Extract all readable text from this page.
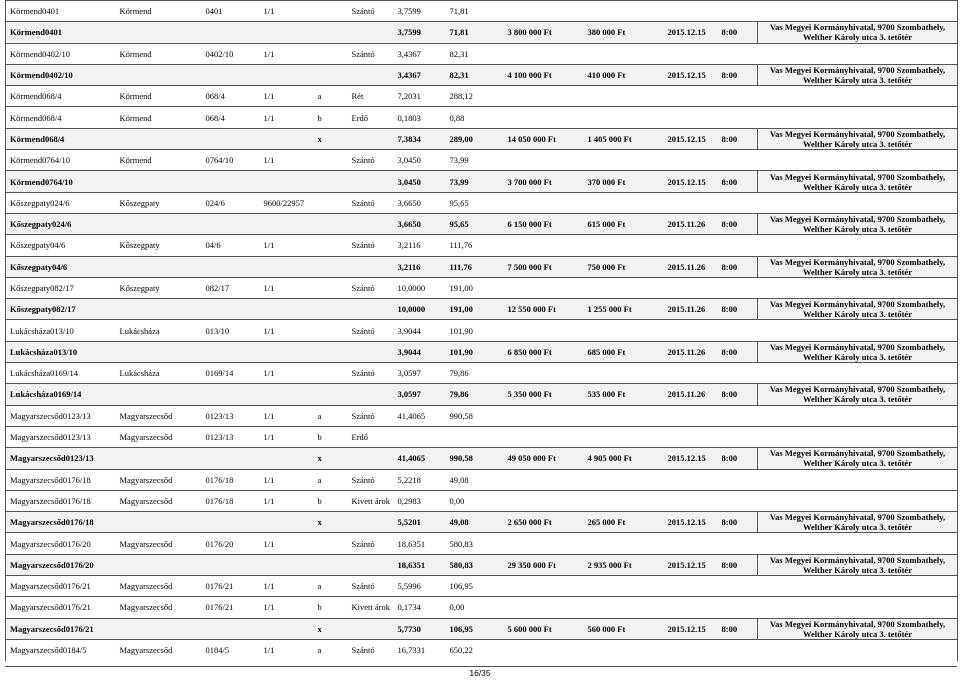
Körmend0401	Körmend	0401	1/1		Szántó	3,7599	71,81					
Körmend0401						3,7599	71,81	3 800 000 Ft	380 000 Ft	2015.12.15	8:00	Vas Megyei Kormányhivatal, 9700 Szombathely,
Welther Károly utca 3. tetőtér

Körmend0402/10	Körmend	0402/10	1/1		Szántó	3,4367	82,31					
Körmend0402/10						3,4367	82,31	4 100 000 Ft	410 000 Ft	2015.12.15	8:00	Vas Megyei Kormányhivatal, 9700 Szombathely,
Welther Károly utca 3. tetőtér

Körmend068/4	Körmend	068/4	1/1	a	Rét	7,2031	288,12					
Körmend068/4	Körmend	068/4	1/1	b	Erdő	0,1803	0,88					
Körmend068/4				x		7,3834	289,00	14 050 000 Ft	1 405 000 Ft	2015.12.15	8:00	Vas Megyei Kormányhivatal, 9700 Szombathely,
Welther Károly utca 3. tetőtér

Körmend0764/10	Körmend	0764/10	1/1		Szántó	3,0450	73,99					
Körmend0764/10						3,0450	73,99	3 700 000 Ft	370 000 Ft	2015.12.15	8:00	Vas Megyei Kormányhivatal, 9700 Szombathely,
Welther Károly utca 3. tetőtér

Kőszegpaty024/6	Kőszegpaty	024/6	9600/22957		Szántó	3,6650	95,65					
Kőszegpaty024/6						3,6650	95,65	6 150 000 Ft	615 000 Ft	2015.11.26	8:00	Vas Megyei Kormányhivatal, 9700 Szombathely,
Welther Károly utca 3. tetőtér

Kőszegpaty04/6	Kőszegpaty	04/6	1/1		Szántó	3,2116	111,76					
Kőszegpaty04/6						3,2116	111,76	7 500 000 Ft	750 000 Ft	2015.11.26	8:00	Vas Megyei Kormányhivatal, 9700 Szombathely,
Welther Károly utca 3. tetőtér

Kőszegpaty082/17	Kőszegpaty	082/17	1/1		Szántó	10,0000	191,00					
Kőszegpaty082/17						10,0000	191,00	12 550 000 Ft	1 255 000 Ft	2015.11.26	8:00	Vas Megyei Kormányhivatal, 9700 Szombathely,
Welther Károly utca 3. tetőtér

Lukácsháza013/10	Lukácsháza	013/10	1/1		Szántó	3,9044	101,90					
Lukácsháza013/10						3,9044	101,90	6 850 000 Ft	685 000 Ft	2015.11.26	8:00	Vas Megyei Kormányhivatal, 9700 Szombathely,
Welther Károly utca 3. tetőtér

Lukácsháza0169/14	Lukácsháza	0169/14	1/1		Szántó	3,0597	79,86					
Lukácsháza0169/14						3,0597	79,86	5 350 000 Ft	535 000 Ft	2015.11.26	8:00	Vas Megyei Kormányhivatal, 9700 Szombathely,
Welther Károly utca 3. tetőtér

Magyarszecsőd0123/13	Magyarszecsőd	0123/13	1/1	a	Szántó	41,4065	990,58					
Magyarszecsőd0123/13	Magyarszecsőd	0123/13	1/1	b	Erdő							
Magyarszecsőd0123/13				x		41,4065	990,58	49 050 000 Ft	4 905 000 Ft	2015.12.15	8:00	Vas Megyei Kormányhivatal, 9700 Szombathely,
Welther Károly utca 3. tetőtér

Magyarszecsőd0176/18	Magyarszecsőd	0176/18	1/1	a	Szántó	5,2218	49,08					
Magyarszecsőd0176/18	Magyarszecsőd	0176/18	1/1	b	Kivett árok	0,2983	0,00					
Magyarszecsőd0176/18				x		5,5201	49,08	2 650 000 Ft	265 000 Ft	2015.12.15	8:00	Vas Megyei Kormányhivatal, 9700 Szombathely,
Welther Károly utca 3. tetőtér

Magyarszecsőd0176/20	Magyarszecsőd	0176/20	1/1		Szántó	18,6351	580,83					
Magyarszecsőd0176/20						18,6351	580,83	29 350 000 Ft	2 935 000 Ft	2015.12.15	8:00	Vas Megyei Kormányhivatal, 9700 Szombathely,
Welther Károly utca 3. tetőtér

Magyarszecsőd0176/21	Magyarszecsőd	0176/21	1/1	a	Szántó	5,5996	106,95					
Magyarszecsőd0176/21	Magyarszecsőd	0176/21	1/1	b	Kivett árok	0,1734	0,00					
Magyarszecsőd0176/21				x		5,7730	106,95	5 600 000 Ft	560 000 Ft	2015.12.15	8:00	Vas Megyei Kormányhivatal, 9700 Szombathely,
Welther Károly utca 3. tetőtér

Magyarszecsőd0184/5	Magyarszecsőd	0184/5	1/1	a	Szántó	16,7331	650,22					
16/35
